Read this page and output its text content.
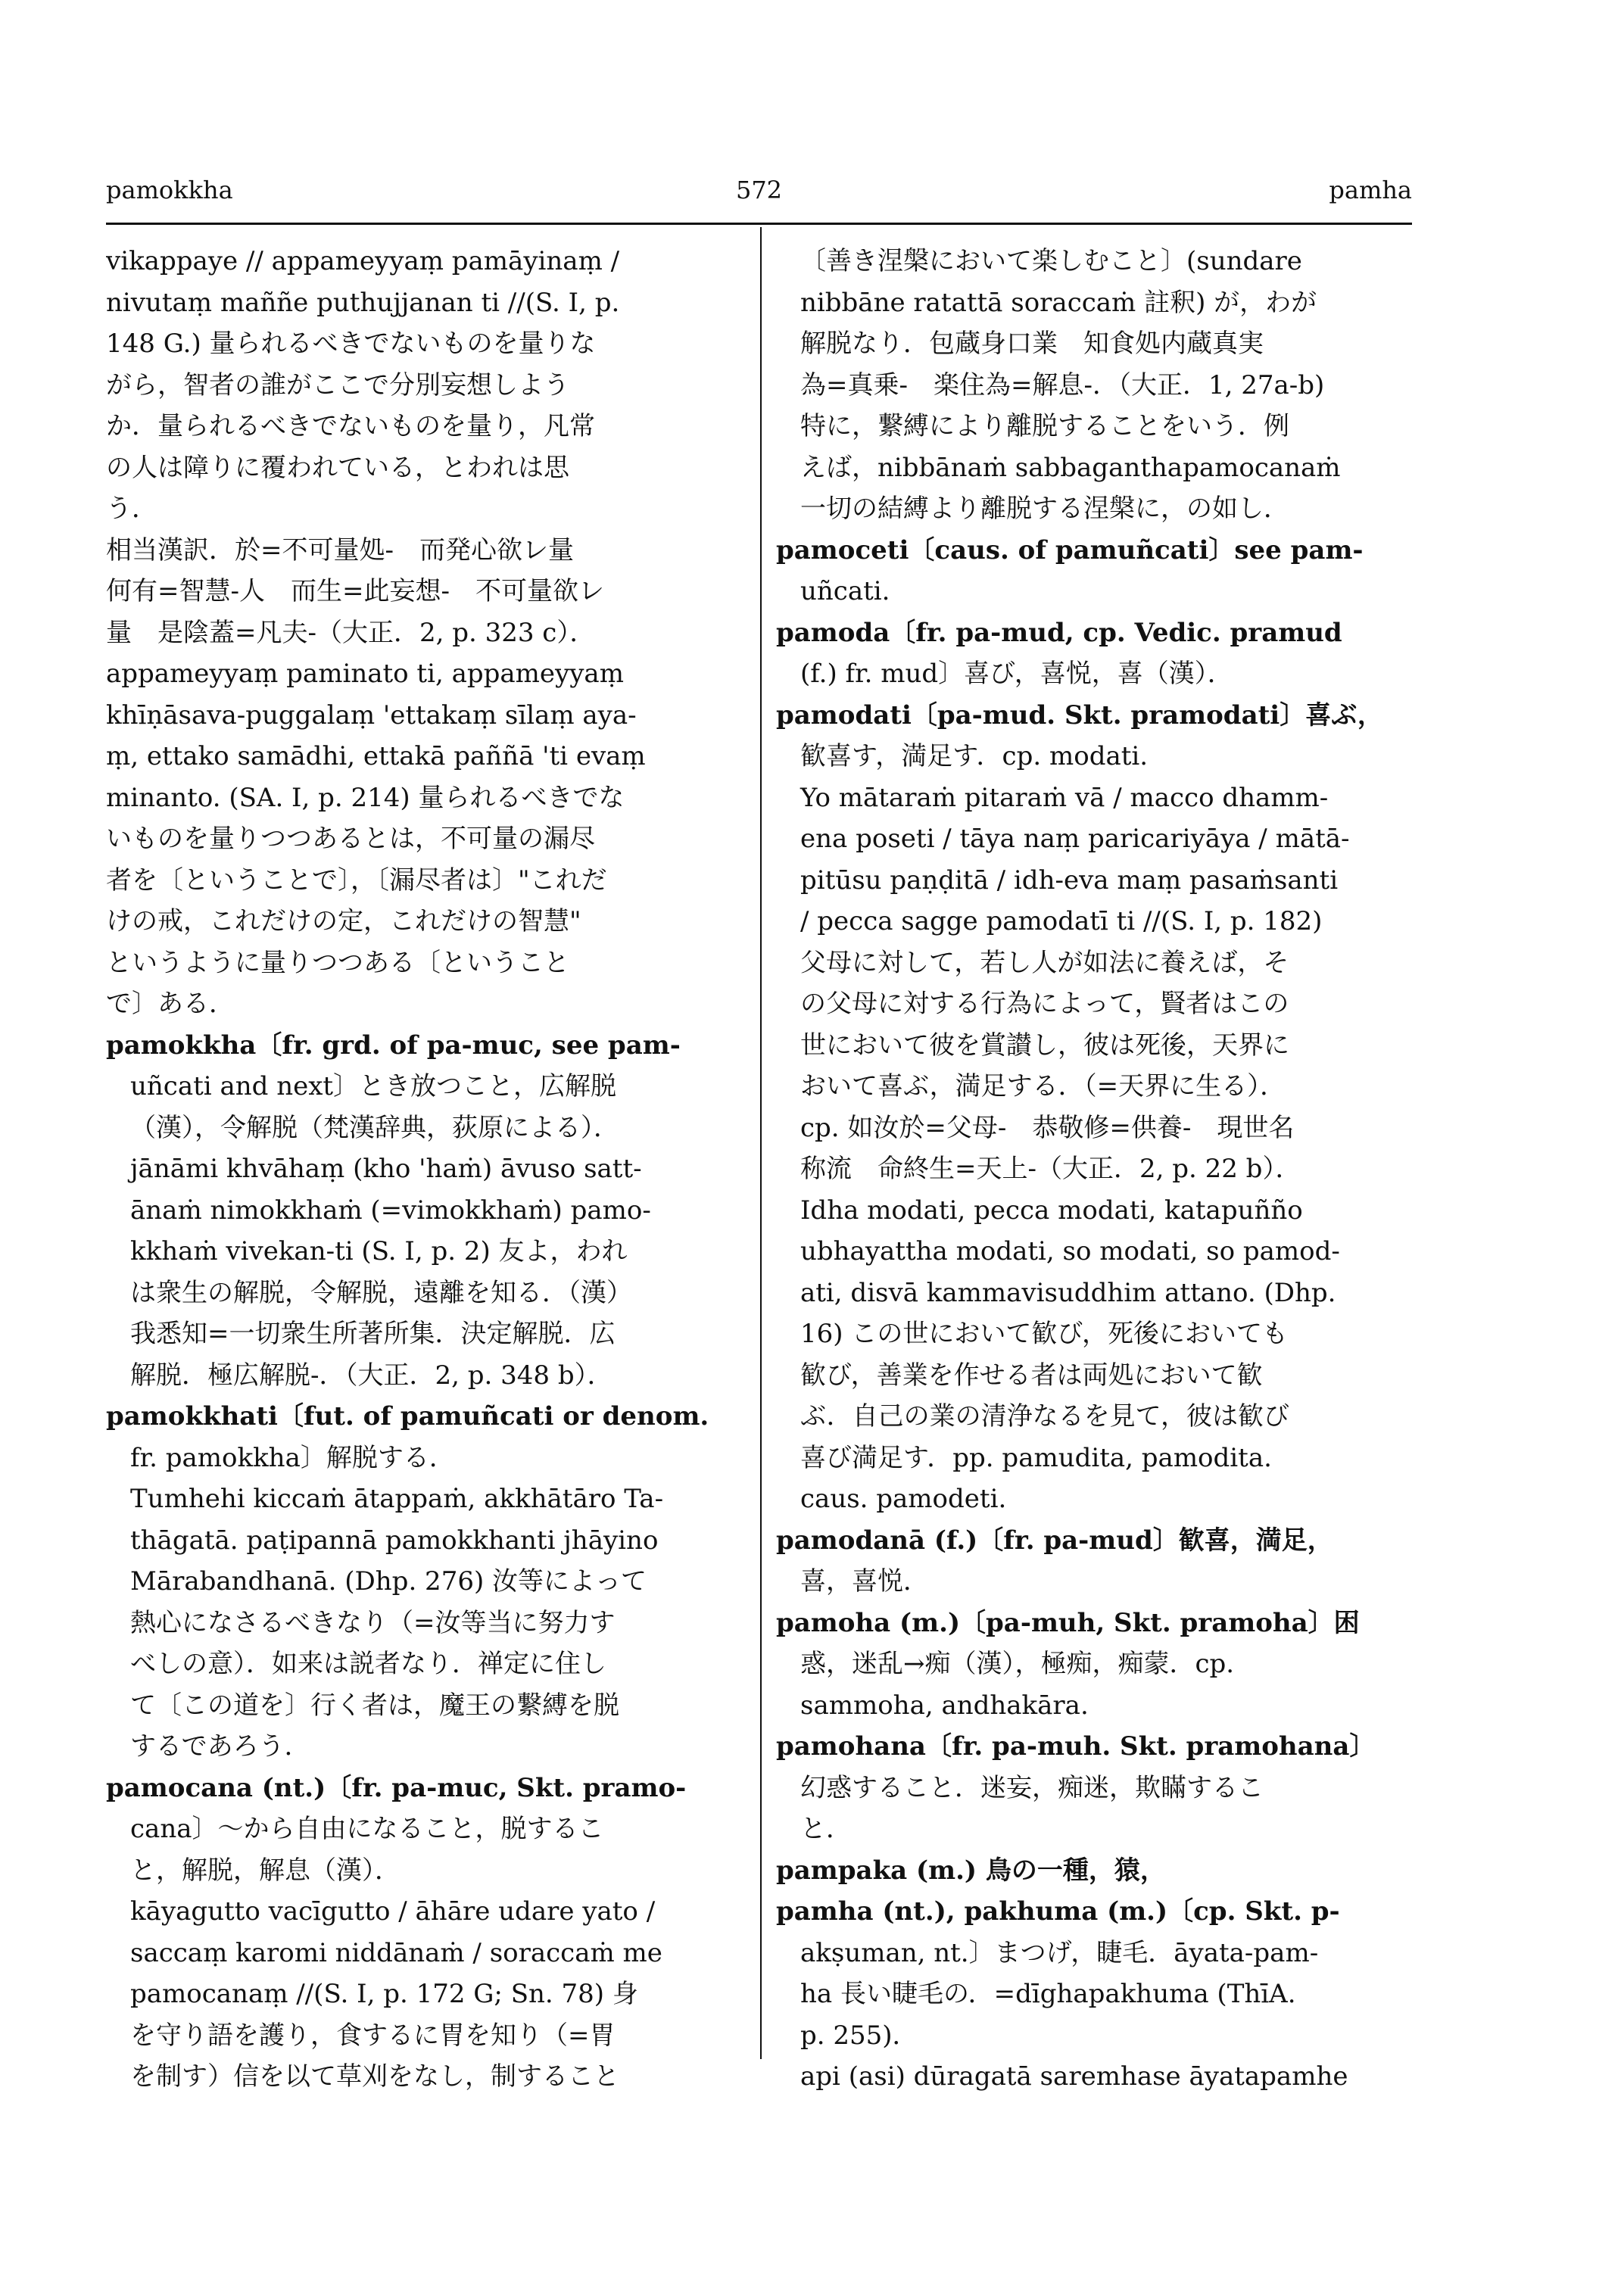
pamokkha	572	pamha
vikappaye // appameyyaṃ pamāyinaṃ /
nivutaṃ maññe puthujjanan ti //(S. I, p.
148 G.) 量られるべきでないものを量りな
がら，智者の誰がここで分別妄想しよう
か．量られるべきでないものを量り，凡常
の人は障りに覆われている，とわれは思
う．
相当漢訳．於=不可量処-　而発心欲レ量
何有=智慧-人　而生=此妄想-　不可量欲レ
量　是陰蓋=凡夫-（大正．2, p. 323 c）．
appameyyaṃ paminato ti, appameyyaṃ
khīṇāsava-puggalaṃ 'ettakaṃ sīlaṃ aya-
ṃ, ettako samādhi, ettakā paññā 'ti evaṃ
minanto. (SA. I, p. 214) 量られるべきでな
いものを量りつつあるとは，不可量の漏尽
者を〔ということで〕，〔漏尽者は〕"これだ
けの戒，これだけの定，これだけの智慧"
というように量りつつある〔ということ
で〕ある．
pamokkha〔fr. grd. of pa-muc, see pam-
uñcati and next〕とき放つこと，広解脱
（漢），令解脱（梵漢辞典，荻原による）．
jānāmi khvāhaṃ (kho 'haṁ) āvuso satt-
ānaṁ nimokkhaṁ (=vimokkhaṁ) pamo-
kkhaṁ vivekan-ti (S. I, p. 2) 友よ，われ
は衆生の解脱，令解脱，遠離を知る．（漢）
我悉知=一切衆生所著所集．決定解脱．広
解脱．極広解脱-．（大正．2, p. 348 b）．
pamokkhati〔fut. of pamuñcati or denom.
fr. pamokkha〕解脱する．
Tumhehi kiccaṁ ātappaṁ, akkhātāro Ta-
thāgatā. paṭipannā pamokkhanti jhāyino
Mārabandhanā. (Dhp. 276) 汝等によって
熱心になさるべきなり（=汝等当に努力す
べしの意）．如来は説者なり．禅定に住し
て〔この道を〕行く者は，魔王の繋縛を脱
するであろう．
pamocana (nt.)〔fr. pa-muc, Skt. pramo-
cana〕～から自由になること，脱するこ
と，解脱，解息（漢）．
kāyagutto vacīgutto / āhāre udare yato /
saccaṃ karomi niddānaṁ / soraccaṁ me
pamocanaṃ //(S. I, p. 172 G; Sn. 78) 身
を守り語を護り，食するに胃を知り（=胃
を制す）信を以て草刈をなし，制すること
〔善き涅槃において楽しむこと〕(sundare
nibbāne ratattā soraccaṁ 註釈) が，わが
解脱なり．包蔵身口業　知食処内蔵真実
為=真乗-　楽住為=解息-．（大正．1, 27a-b)
特に，繋縛により離脱することをいう．例
えば，nibbānaṁ sabbaganthapamocanaṁ
一切の結縛より離脱する涅槃に，の如し．
pamoceti〔caus. of pamuñcati〕see pam-
uñcati.
pamoda〔fr. pa-mud, cp. Vedic. pramud
(f.) fr. mud〕喜び，喜悦，喜（漢）．
pamodati〔pa-mud. Skt. pramodati〕喜ぶ，
歓喜す，満足す．cp. modati.
Yo mātaraṁ pitaraṁ vā / macco dhamm-
ena poseti / tāya naṃ paricariyāya / mātā-
pitūsu paṇḍitā / idh-eva maṃ pasaṁsanti
/ pecca sagge pamodatī ti //(S. I, p. 182)
父母に対して，若し人が如法に養えば，そ
の父母に対する行為によって，賢者はこの
世において彼を賞讃し，彼は死後，天界に
おいて喜ぶ，満足する．（=天界に生る）．
cp. 如汝於=父母-　恭敬修=供養-　現世名
称流　命終生=天上-（大正．2, p. 22 b）．
Idha modati, pecca modati, katapuñño
ubhayattha modati, so modati, so pamod-
ati, disvā kammavisuddhim attano. (Dhp.
16) この世において歓び，死後においても
歓び，善業を作せる者は両処において歓
ぶ．自己の業の清浄なるを見て，彼は歓び
喜び満足す．pp. pamudita, pamodita.
caus. pamodeti.
pamodanā (f.)〔fr. pa-mud〕歓喜，満足，
喜，喜悦．
pamoha (m.)〔pa-muh, Skt. pramoha〕困
惑，迷乱→痴（漢），極痴，痴蒙．cp.
sammoha, andhakāra.
pamohana〔fr. pa-muh. Skt. pramohana〕
幻惑すること．迷妄，痴迷，欺瞞するこ
と．
pampaka (m.) 鳥の一種，猿，
pamha (nt.), pakhuma (m.)〔cp. Skt. p-
akṣuman, nt.〕まつげ，睫毛．āyata-pam-
ha 長い睫毛の．=dīghapakhuma (ThīA.
p. 255)．
api (asi) dūragatā saremhase āyatapamhe
